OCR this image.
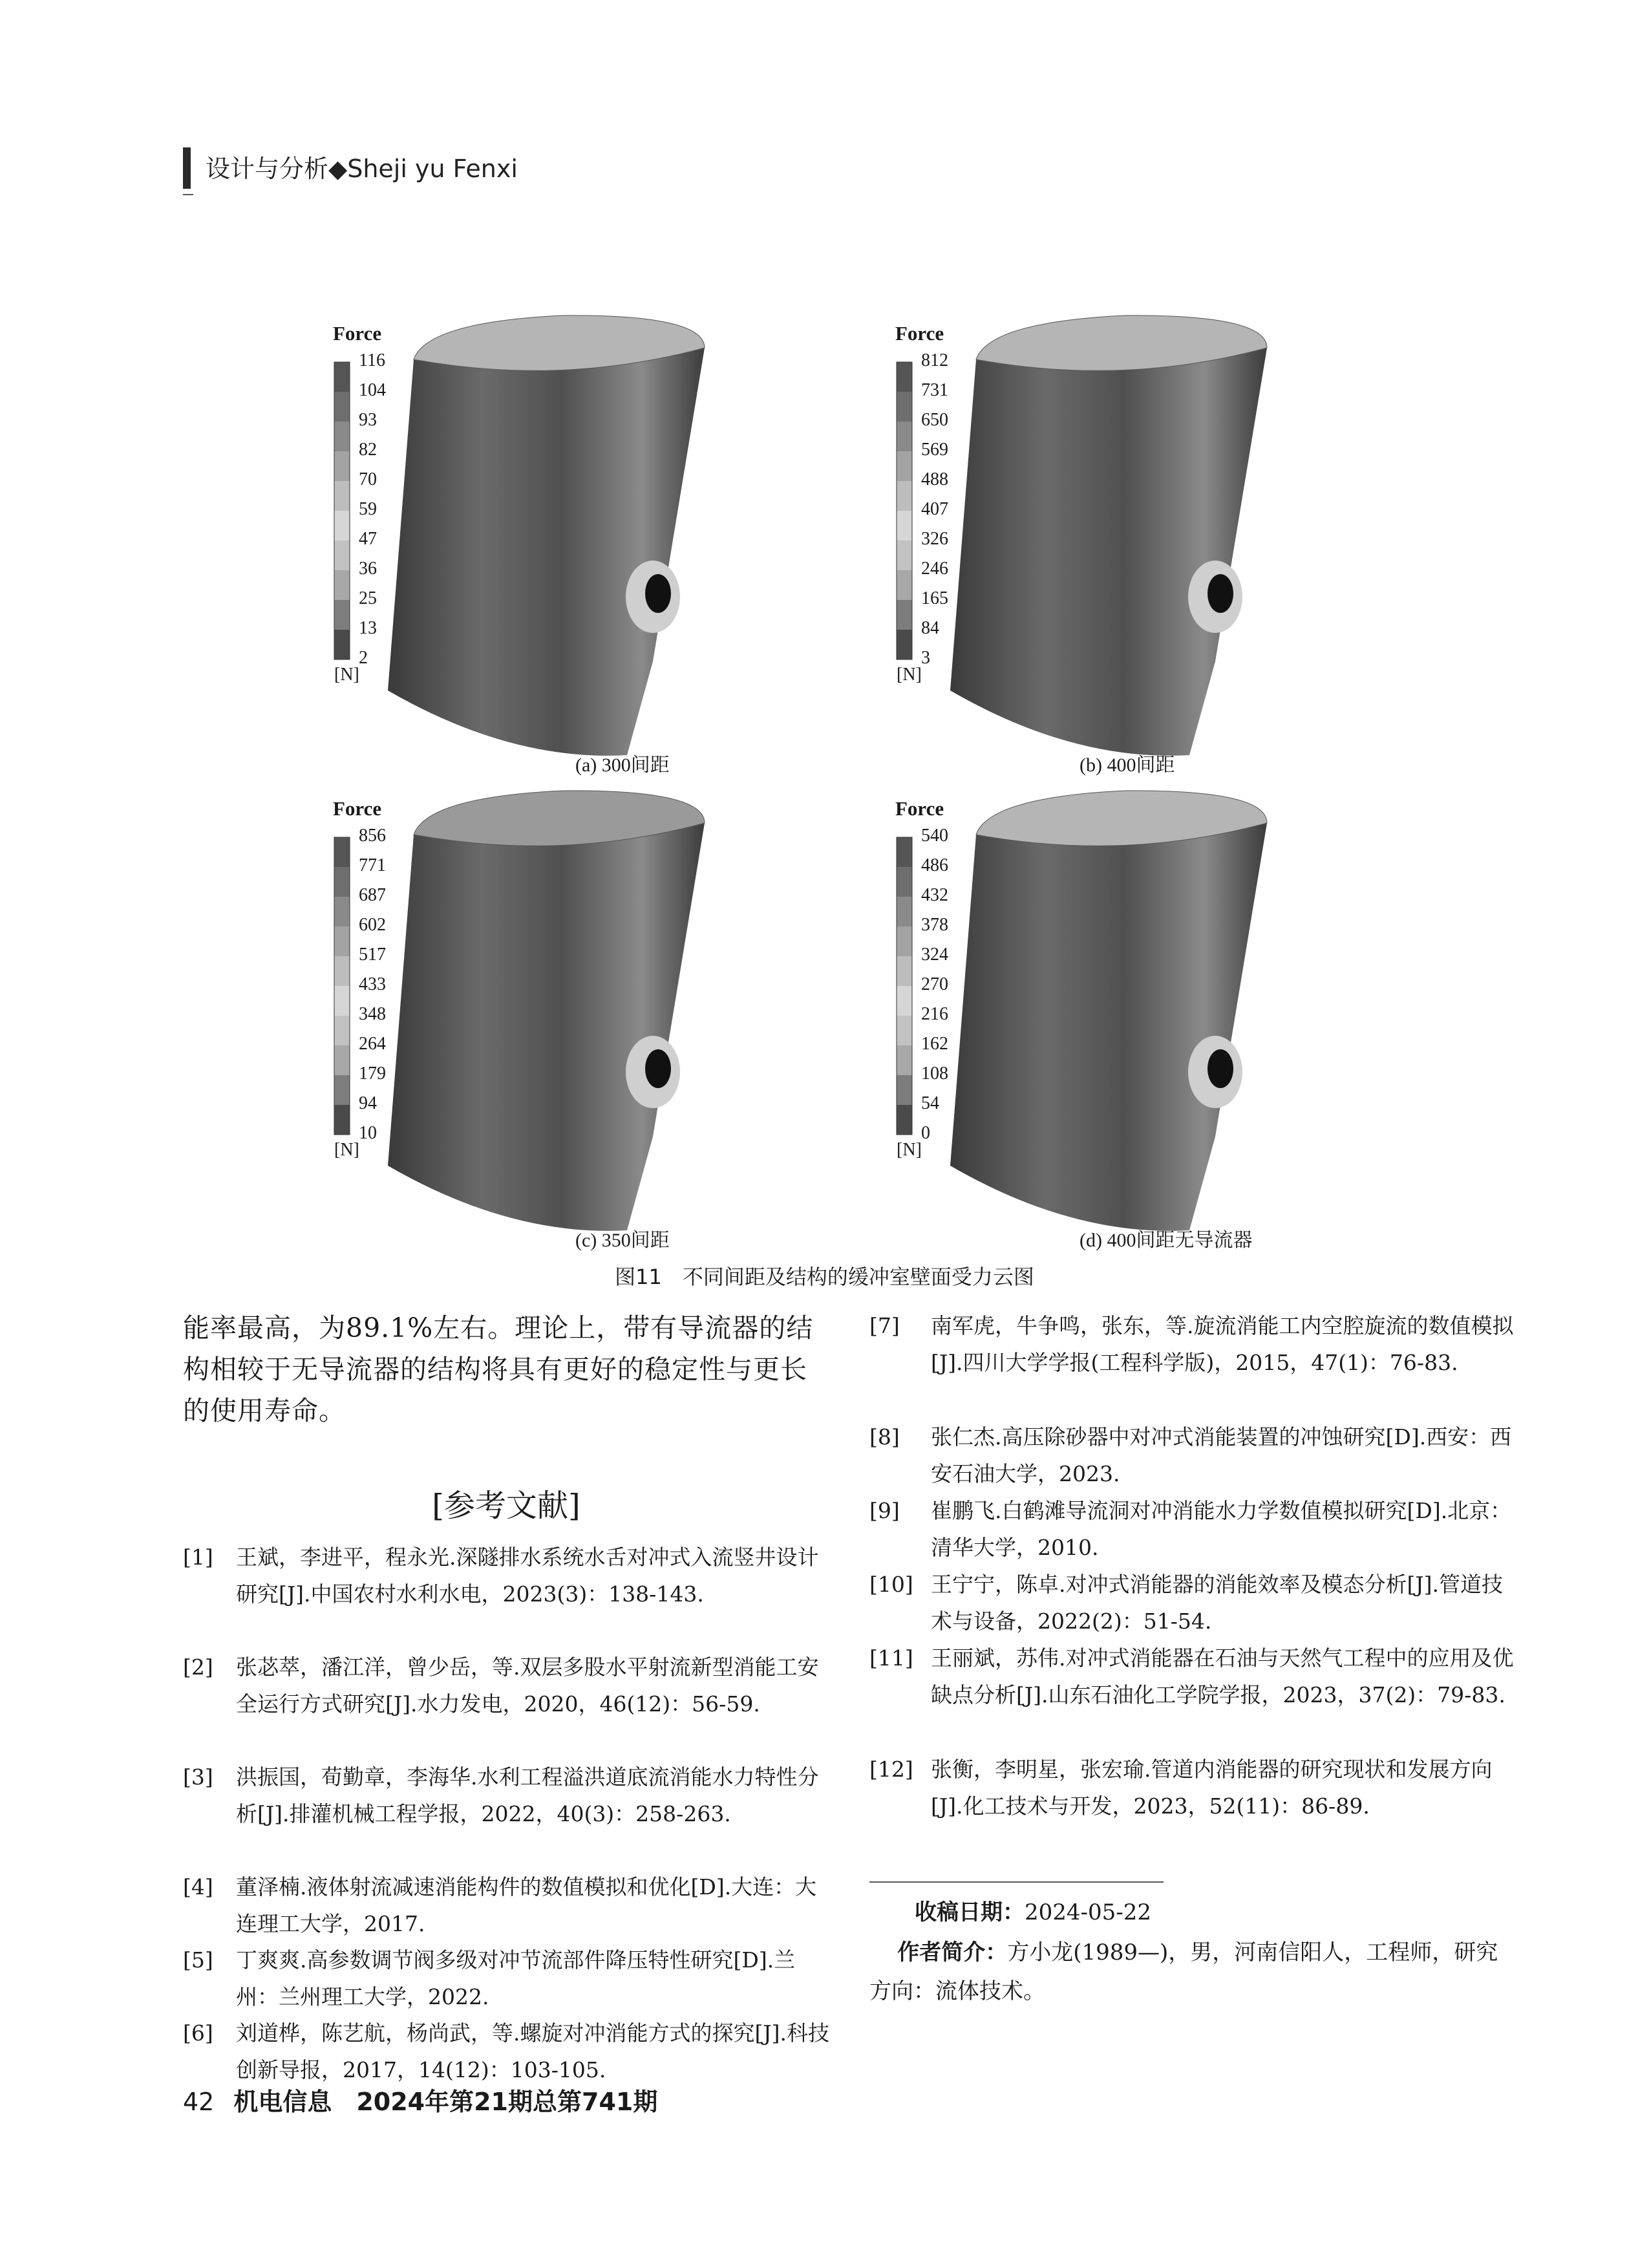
设计与分析◆Sheji yu Fenxi
Force
116
104
93
82
70
59
47
36
25
13
2
[N]
(a) 300间距
Force
812
731
650
569
488
407
326
246
165
84
3
[N]
(b) 400间距
Force
856
771
687
602
517
433
348
264
179
94
10
[N]
(c) 350间距
Force
540
486
432
378
324
270
216
162
108
54
0
[N]
(d) 400间距无导流器
图11　不同间距及结构的缓冲室壁面受力云图
能率最高，为89.1%左右。理论上，带有导流器的结构相较于无导流器的结构将具有更好的稳定性与更长的使用寿命。
[参考文献]
[1] 王斌，李进平，程永光.深隧排水系统水舌对冲式入流竖井设计研究[J].中国农村水利水电，2023(3)：138-143.
[2] 张苾萃，潘江洋，曾少岳，等.双层多股水平射流新型消能工安全运行方式研究[J].水力发电，2020，46(12)：56-59.
[3] 洪振国，荀勤章，李海华.水利工程溢洪道底流消能水力特性分析[J].排灌机械工程学报，2022，40(3)：258-263.
[4] 董泽楠.液体射流减速消能构件的数值模拟和优化[D].大连：大连理工大学，2017.
[5] 丁爽爽.高参数调节阀多级对冲节流部件降压特性研究[D].兰州：兰州理工大学，2022.
[6] 刘道桦，陈艺航，杨尚武，等.螺旋对冲消能方式的探究[J].科技创新导报，2017，14(12)：103-105.
[7] 南军虎，牛争鸣，张东，等.旋流消能工内空腔旋流的数值模拟[J].四川大学学报(工程科学版)，2015，47(1)：76-83.
[8] 张仁杰.高压除砂器中对冲式消能装置的冲蚀研究[D].西安：西安石油大学，2023.
[9] 崔鹏飞.白鹤滩导流洞对冲消能水力学数值模拟研究[D].北京：清华大学，2010.
[10] 王宁宁，陈卓.对冲式消能器的消能效率及模态分析[J].管道技术与设备，2022(2)：51-54.
[11] 王丽斌，苏伟.对冲式消能器在石油与天然气工程中的应用及优缺点分析[J].山东石油化工学院学报，2023，37(2)：79-83.
[12] 张衡，李明星，张宏瑜.管道内消能器的研究现状和发展方向[J].化工技术与开发，2023，52(11)：86-89.
收稿日期：2024-05-22
作者简介：方小龙(1989—)，男，河南信阳人，工程师，研究方向：流体技术。
42 机电信息　2024年第21期总第741期
